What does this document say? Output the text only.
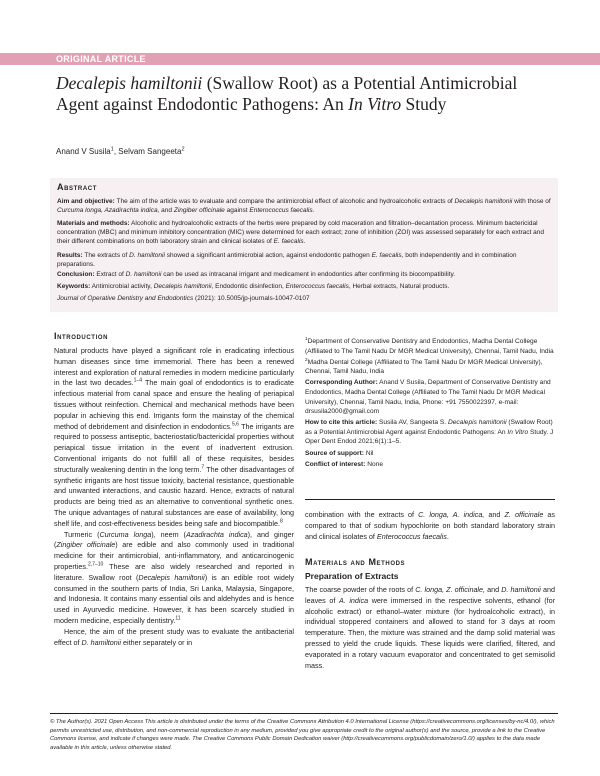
ORIGINAL ARTICLE
Decalepis hamiltonii (Swallow Root) as a Potential Antimicrobial Agent against Endodontic Pathogens: An In Vitro Study
Anand V Susila$^1$, Selvam Sangeeta$^2$
Abstract
Aim and objective: The aim of the article was to evaluate and compare the antimicrobial effect of alcoholic and hydroalcoholic extracts of Decalepis hamiltonii with those of Curcuma longa, Azadirachta indica, and Zingiber officinale against Enterococcus faecalis.
Materials and methods: Alcoholic and hydroalcoholic extracts of the herbs were prepared by cold maceration and filtration–decantation process. Minimum bactericidal concentration (MBC) and minimum inhibitory concentration (MIC) were determined for each extract; zone of inhibition (ZOI) was assessed separately for each extract and their different combinations on both laboratory strain and clinical isolates of E. faecalis.
Results: The extracts of D. hamiltonii showed a significant antimicrobial action, against endodontic pathogen E. faecalis, both independently and in combination preparations.
Conclusion: Extract of D. hamiltonii can be used as intracanal irrigant and medicament in endodontics after confirming its biocompatibility.
Keywords: Antimicrobial activity, Decalepis hamiltonii, Endodontic disinfection, Enterococcus faecalis, Herbal extracts, Natural products.
Journal of Operative Dentistry and Endodontics (2021): 10.5005/jp-journals-10047-0107
Introduction

Natural products have played a significant role in eradicating infectious human diseases since time immemorial. There has been a renewed interest and exploration of natural remedies in modern medicine particularly in the last two decades.$^{1-4}$ The main goal of endodontics is to eradicate infectious material from canal space and ensure the healing of periapical tissues without reinfection. Chemical and mechanical methods have been popular in achieving this end. Irrigants form the mainstay of the chemical method of debridement and disinfection in endodontics.$^{5,6}$ The irrigants are required to possess antiseptic, bacteriostatic/bactericidal properties without periapical tissue irritation in the event of inadvertent extrusion. Conventional irrigants do not fulfill all of these requisites, besides structurally weakening dentin in the long term.$^7$ The other disadvantages of synthetic irrigants are host tissue toxicity, bacterial resistance, questionable and unwanted interactions, and caustic hazard. Hence, extracts of natural products are being tried as an alternative to conventional synthetic ones. The unique advantages of natural substances are ease of availability, long shelf life, and cost-effectiveness besides being safe and biocompatible.$^8$

Turmeric (Curcuma longa), neem (Azadirachta indica), and ginger (Zingiber officinale) are edible and also commonly used in traditional medicine for their antimicrobial, anti-inflammatory, and anticarcinogenic properties.$^{2,7-10}$ These are also widely researched and reported in literature. Swallow root (Decalepis hamiltonii) is an edible root widely consumed in the southern parts of India, Sri Lanka, Malaysia, Singapore, and Indonesia. It contains many essential oils and aldehydes and is hence used in Ayurvedic medicine. However, it has been scarcely studied in modern medicine, especially dentistry.$^{11}$

Hence, the aim of the present study was to evaluate the antibacterial effect of D. hamiltonii either separately or in

$^1$Department of Conservative Dentistry and Endodontics, Madha Dental College (Affiliated to The Tamil Nadu Dr MGR Medical University), Chennai, Tamil Nadu, India

$^2$Madha Dental College (Affiliated to The Tamil Nadu Dr MGR Medical University), Chennai, Tamil Nadu, India

Corresponding Author: Anand V Susila, Department of Conservative Dentistry and Endodontics, Madha Dental College (Affiliated to The Tamil Nadu Dr MGR Medical University), Chennai, Tamil Nadu, India, Phone: +91 7550022397, e-mail: drsusila2000@gmail.com

How to cite this article: Susila AV, Sangeeta S. Decalepis hamiltonii (Swallow Root) as a Potential Antimicrobial Agent against Endodontic Pathogens: An In Vitro Study. J Oper Dent Endod 2021;6(1):1–5.

Source of support: Nil

Conflict of interest: None

combination with the extracts of C. longa, A. indica, and Z. officinale as compared to that of sodium hypochlorite on both standard laboratory strain and clinical isolates of Enterococcus faecalis.

Materials and Methods
Preparation of Extracts

The coarse powder of the roots of C. longa, Z. officinale, and D. hamiltonii and leaves of A. indica were immersed in the respective solvents, ethanol (for alcoholic extract) or ethanol–water mixture (for hydroalcoholic extract), in individual stoppered containers and allowed to stand for 3 days at room temperature. Then, the mixture was strained and the damp solid material was pressed to yield the crude liquids. These liquids were clarified, filtered, and evaporated in a rotary vacuum evaporator and concentrated to get semisolid mass.

© The Author(s). 2021 Open Access This article is distributed under the terms of the Creative Commons Attribution 4.0 International License (https://creativecommons.org/licenses/by-nc/4.0/), which permits unrestricted use, distribution, and non-commercial reproduction in any medium, provided you give appropriate credit to the original author(s) and the source, provide a link to the Creative Commons license, and indicate if changes were made. The Creative Commons Public Domain Dedication waiver (http://creativecommons.org/publicdomain/zero/1.0/) applies to the data made available in this article, unless otherwise stated.
